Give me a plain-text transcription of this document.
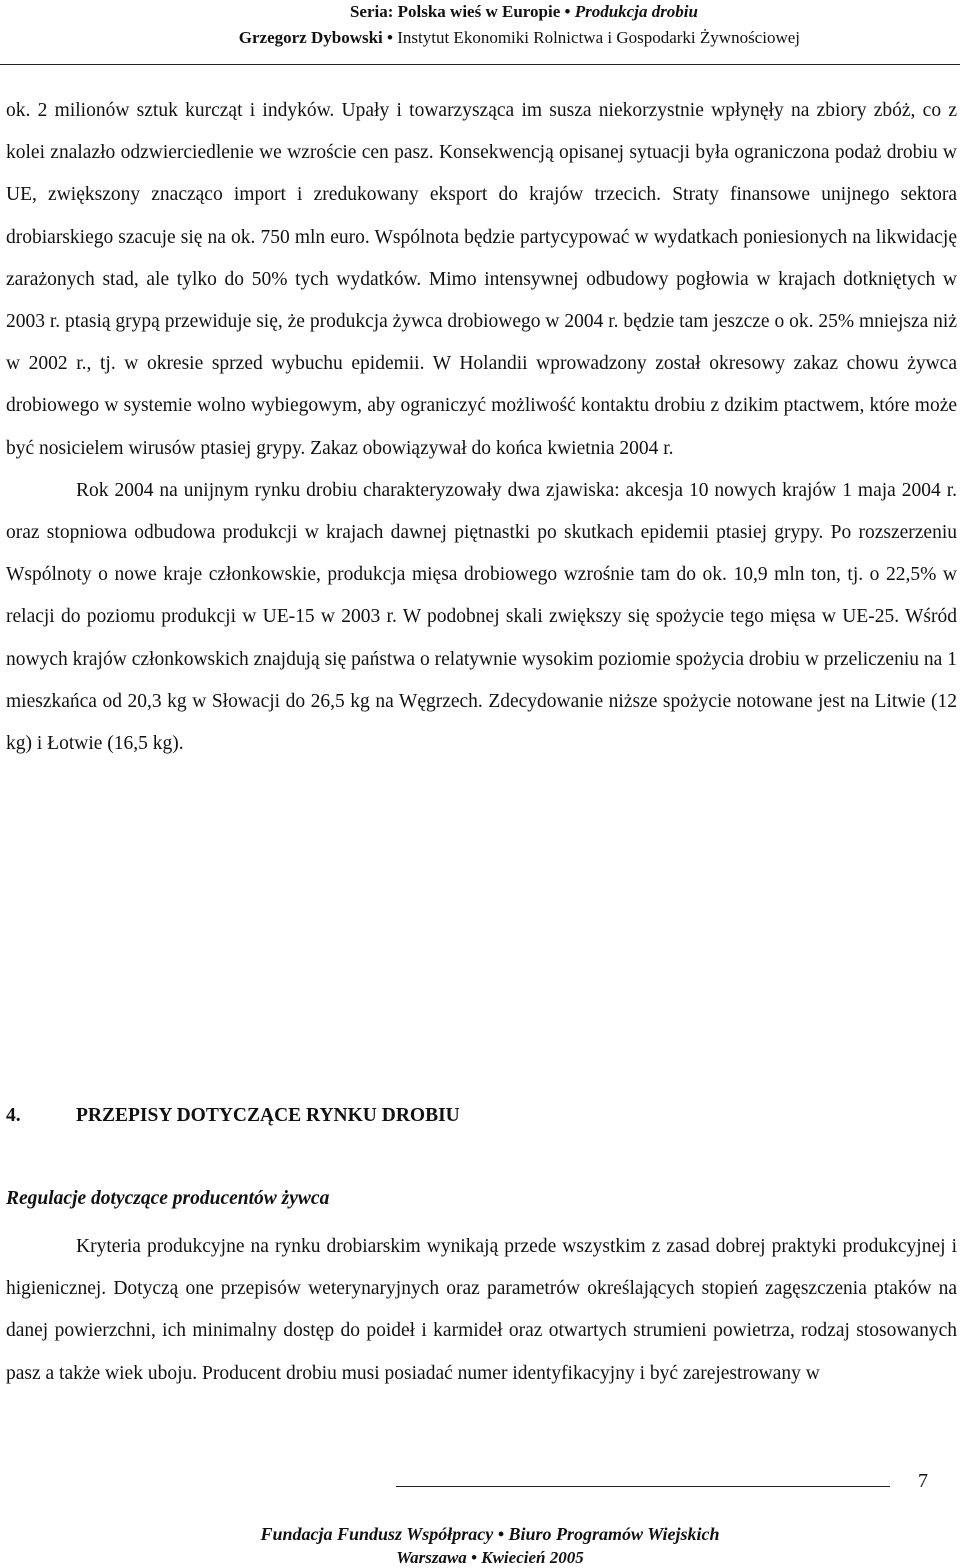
Seria: Polska wieś w Europie • Produkcja drobiu
Grzegorz Dybowski • Instytut Ekonomiki Rolnictwa i Gospodarki Żywnościowej

ok. 2 milionów sztuk kurcząt i indyków. Upały i towarzysząca im susza niekorzystnie wpłynęły na zbiory zbóż, co z kolei znalazło odzwierciedlenie we wzroście cen pasz. Konsekwencją opisanej sytuacji była ograniczona podaż drobiu w UE, zwiększony znacząco import i zredukowany eksport do krajów trzecich. Straty finansowe unijnego sektora drobiarskiego szacuje się na ok. 750 mln euro. Wspólnota będzie partycypować w wydatkach poniesionych na likwidację zarażonych stad, ale tylko do 50% tych wydatków. Mimo intensywnej odbudowy pogłowia w krajach dotkniętych w 2003 r. ptasią grypą przewiduje się, że produkcja żywca drobiowego w 2004 r. będzie tam jeszcze o ok. 25% mniejsza niż w 2002 r., tj. w okresie sprzed wybuchu epidemii. W Holandii wprowadzony został okresowy zakaz chowu żywca drobiowego w systemie wolno wybiegowym, aby ograniczyć możliwość kontaktu drobiu z dzikim ptactwem, które może być nosicielem wirusów ptasiej grypy. Zakaz obowiązywał do końca kwietnia 2004 r.

Rok 2004 na unijnym rynku drobiu charakteryzowały dwa zjawiska: akcesja 10 nowych krajów 1 maja 2004 r. oraz stopniowa odbudowa produkcji w krajach dawnej piętnastki po skutkach epidemii ptasiej grypy. Po rozszerzeniu Wspólnoty o nowe kraje członkowskie, produkcja mięsa drobiowego wzrośnie tam do ok. 10,9 mln ton, tj. o 22,5% w relacji do poziomu produkcji w UE-15 w 2003 r. W podobnej skali zwiększy się spożycie tego mięsa w UE-25. Wśród nowych krajów członkowskich znajdują się państwa o relatywnie wysokim poziomie spożycia drobiu w przeliczeniu na 1 mieszkańca od 20,3 kg w Słowacji do 26,5 kg na Węgrzech. Zdecydowanie niższe spożycie notowane jest na Litwie (12 kg) i Łotwie (16,5 kg).

4.	PRZEPISY DOTYCZĄCE RYNKU DROBIU
Regulacje dotyczące producentów żywca

Kryteria produkcyjne na rynku drobiarskim wynikają przede wszystkim z zasad dobrej praktyki produkcyjnej i higienicznej. Dotyczą one przepisów weterynaryjnych oraz parametrów określających stopień zagęszczenia ptaków na danej powierzchni, ich minimalny dostęp do poideł i karmideł oraz otwartych strumieni powietrza, rodzaj stosowanych pasz a także wiek uboju. Producent drobiu musi posiadać numer identyfikacyjny i być zarejestrowany w

7
Fundacja Fundusz Współpracy • Biuro Programów Wiejskich
Warszawa • Kwiecień 2005
